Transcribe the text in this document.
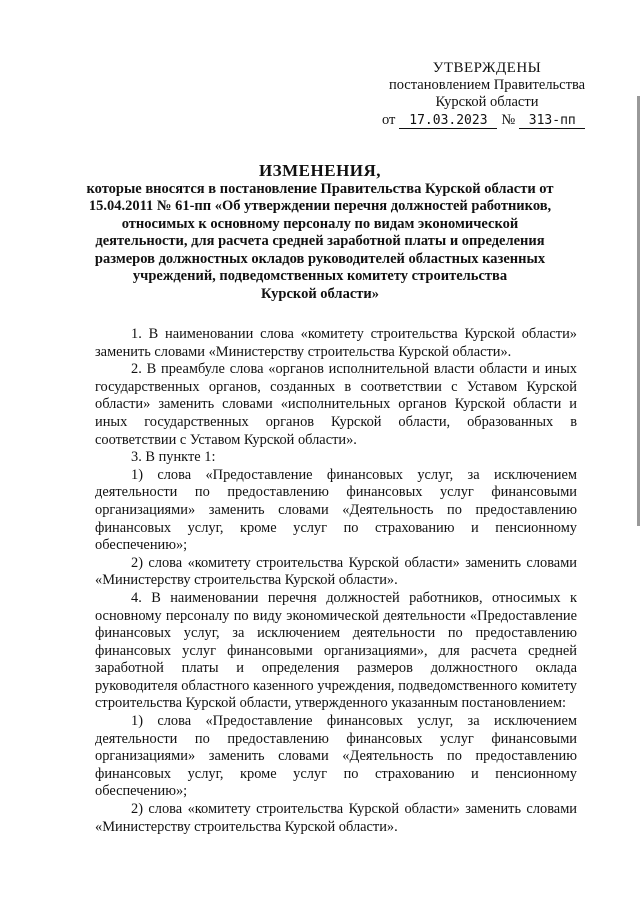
УТВЕРЖДЕНЫ
постановлением Правительства
Курской области
от	17.03.2023 №	313-пп
ИЗМЕНЕНИЯ,
которые вносятся в постановление Правительства Курской области от
15.04.2011 № 61-пп «Об утверждении перечня должностей работников,
относимых к основному персоналу по видам экономической
деятельности, для расчета средней заработной платы и определения
размеров должностных окладов руководителей областных казенных
учреждений, подведомственных комитету строительства
Курской области»

1. В наименовании слова «комитету строительства Курской области» заменить словами «Министерству строительства Курской области».

2. В преамбуле слова «органов исполнительной власти области и иных государственных органов, созданных в соответствии с Уставом Курской области» заменить словами «исполнительных органов Курской области и иных государственных органов Курской области, образованных в соответствии с Уставом Курской области».

3. В пункте 1:

1) слова «Предоставление финансовых услуг, за исключением деятельности по предоставлению финансовых услуг финансовыми организациями» заменить словами «Деятельность по предоставлению финансовых услуг, кроме услуг по страхованию и пенсионному обеспечению»;

2) слова «комитету строительства Курской области» заменить словами «Министерству строительства Курской области».

4. В наименовании перечня должностей работников, относимых к основному персоналу по виду экономической деятельности «Предоставление финансовых услуг, за исключением деятельности по предоставлению финансовых услуг финансовыми организациями», для расчета средней заработной платы и определения размеров должностного оклада руководителя областного казенного учреждения, подведомственного комитету строительства Курской области, утвержденного указанным постановлением:

1) слова «Предоставление финансовых услуг, за исключением деятельности по предоставлению финансовых услуг финансовыми организациями» заменить словами «Деятельность по предоставлению финансовых услуг, кроме услуг по страхованию и пенсионному обеспечению»;

2) слова «комитету строительства Курской области» заменить словами «Министерству строительства Курской области».
